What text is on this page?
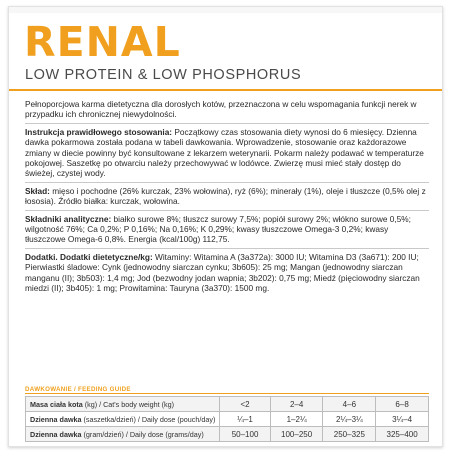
RENAL
LOW PROTEIN & LOW PHOSPHORUS

Pełnoporcjowa karma dietetyczna dla dorosłych kotów, przeznaczona w celu wspomagania funkcji nerek w przypadku ich chronicznej niewydolności.

Instrukcja prawidłowego stosowania: Początkowy czas stosowania diety wynosi do 6 miesięcy. Dzienna dawka pokarmowa została podana w tabeli dawkowania. Wprowadzenie, stosowanie oraz każdorazowe zmiany w diecie powinny być konsultowane z lekarzem weterynarii. Pokarm należy podawać w temperaturze pokojowej. Saszetkę po otwarciu należy przechowywać w lodówce. Zwierzę musi mieć stały dostęp do świeżej, czystej wody.

Skład: mięso i pochodne (26% kurczak, 23% wołowina), ryż (6%); minerały (1%), oleje i tłuszcze (0,5% olej z łososia). Źródło białka: kurczak, wołowina.

Składniki analityczne: białko surowe 8%; tłuszcz surowy 7,5%; popiół surowy 2%; włókno surowe 0,5%; wilgotność 76%; Ca 0,2%; P 0,16%; Na 0,16%; K 0,29%; kwasy tłuszczowe Omega-3 0,2%; kwasy tłuszczowe Omega-6 0,8%. Energia (kcal/100g) 112,75.

Dodatki. Dodatki dietetyczne/kg: Witaminy: Witamina A (3a372a): 3000 IU; Witamina D3 (3a671): 200 IU; Pierwiastki śladowe: Cynk (jednowodny siarczan cynku; 3b605): 25 mg; Mangan (jednowodny siarczan manganu (II); 3b503): 1,4 mg; Jod (bezwodny jodan wapnia; 3b202): 0,75 mg; Miedź (pięciowodny siarczan miedzi (II); 3b405): 1 mg; Prowitamina: Tauryna (3a370): 1500 mg.

DAWKOWANIE / FEEDING GUIDE
Masa ciała kota (kg) / Cat's body weight (kg)	<2	2–4	4–6	6–8
Dzienna dawka (saszetka/dzień) / Daily dose (pouch/day)	¼–1	1–2¼	2¼–3¼	3¼–4
Dzienna dawka (gram/dzień) / Daily dose (grams/day)	50–100	100–250	250–325	325–400
